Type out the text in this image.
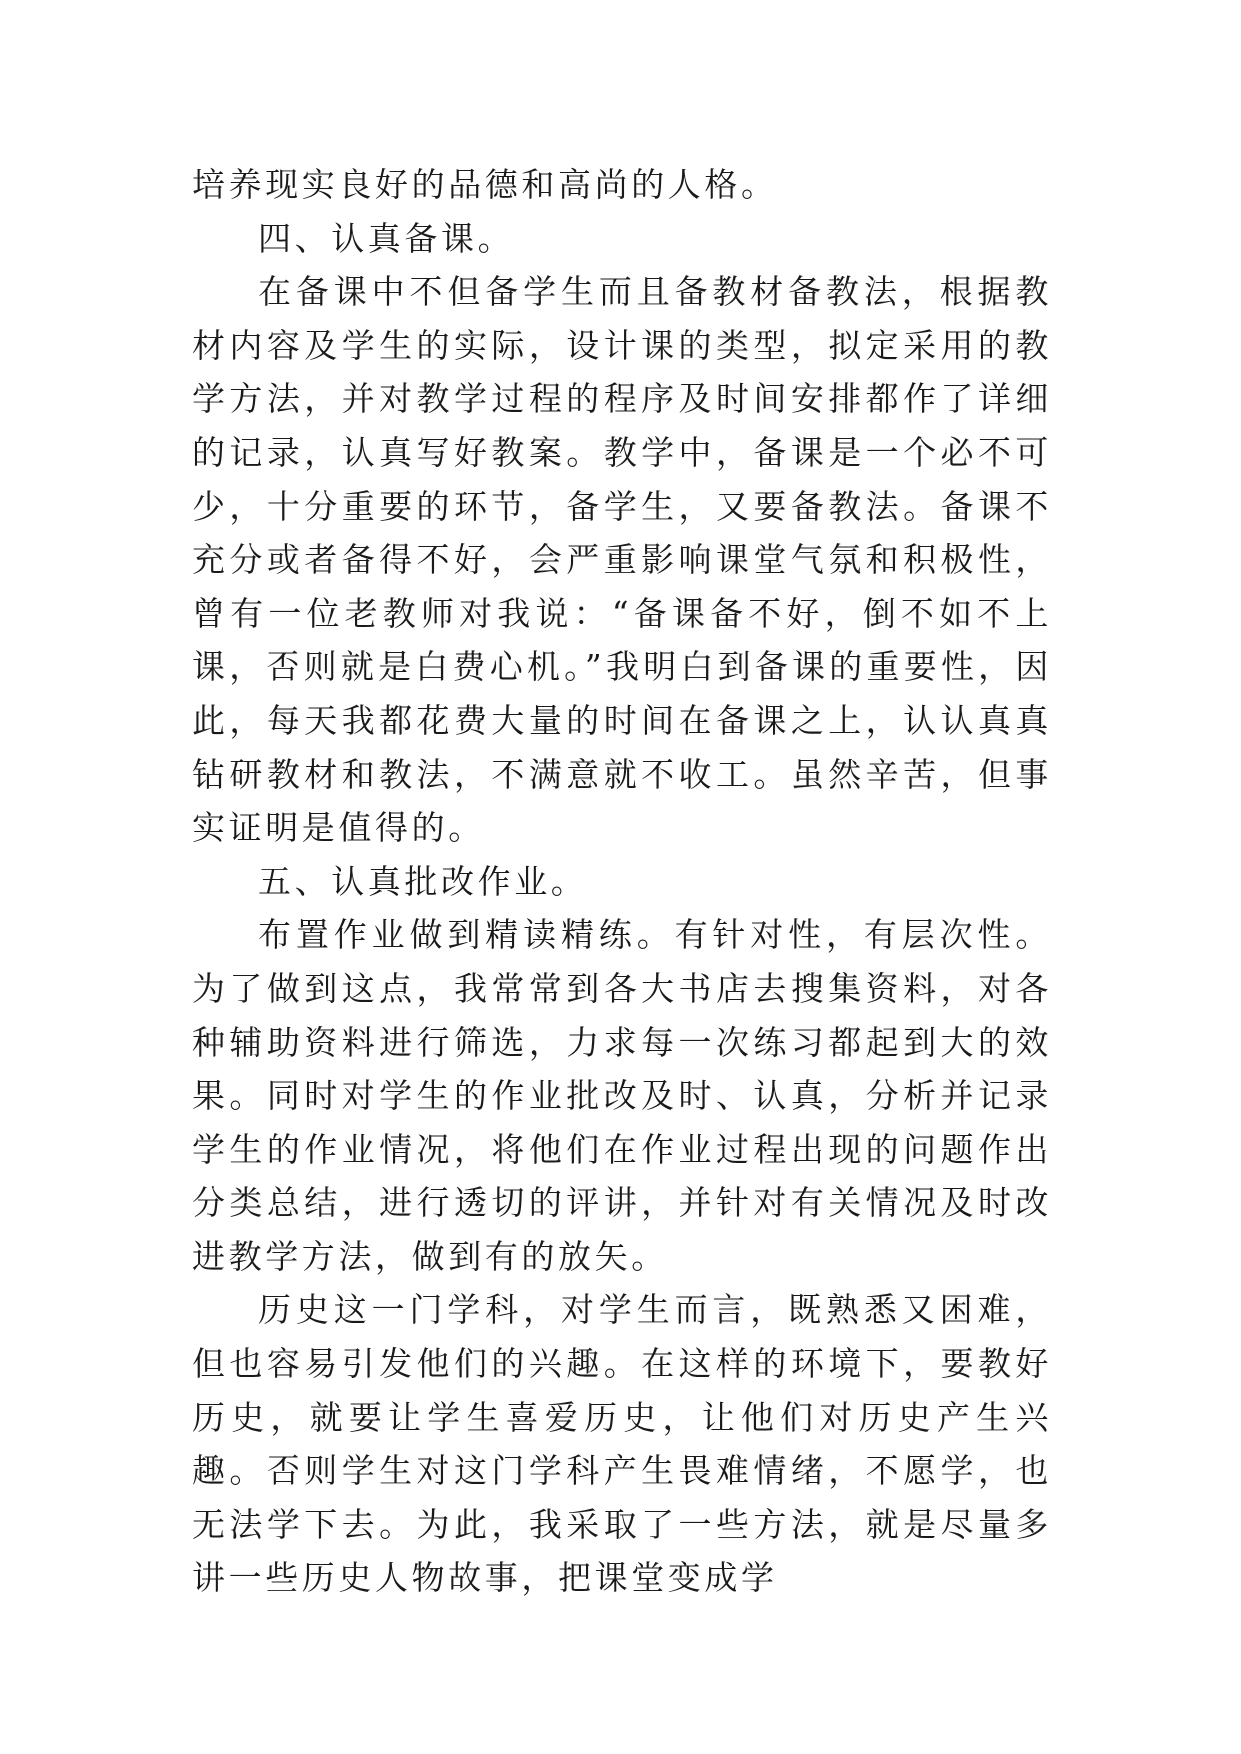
培养现实良好的品德和高尚的人格。

四、认真备课。

在备课中不但备学生而且备教材备教法，根据教材内容及学生的实际，设计课的类型，拟定采用的教学方法，并对教学过程的程序及时间安排都作了详细的记录，认真写好教案。教学中，备课是一个必不可少，十分重要的环节，备学生，又要备教法。备课不充分或者备得不好，会严重影响课堂气氛和积极性，曾有一位老教师对我说：“备课备不好，倒不如不上课，否则就是白费心机。”我明白到备课的重要性，因此，每天我都花费大量的时间在备课之上，认认真真钻研教材和教法，不满意就不收工。虽然辛苦，但事实证明是值得的。

五、认真批改作业。

布置作业做到精读精练。有针对性，有层次性。为了做到这点，我常常到各大书店去搜集资料，对各种辅助资料进行筛选，力求每一次练习都起到大的效果。同时对学生的作业批改及时、认真，分析并记录学生的作业情况，将他们在作业过程出现的问题作出分类总结，进行透切的评讲，并针对有关情况及时改进教学方法，做到有的放矢。

历史这一门学科，对学生而言，既熟悉又困难，但也容易引发他们的兴趣。在这样的环境下，要教好历史，就要让学生喜爱历史，让他们对历史产生兴趣。否则学生对这门学科产生畏难情绪，不愿学，也无法学下去。为此，我采取了一些方法，就是尽量多讲一些历史人物故事，把课堂变成学
